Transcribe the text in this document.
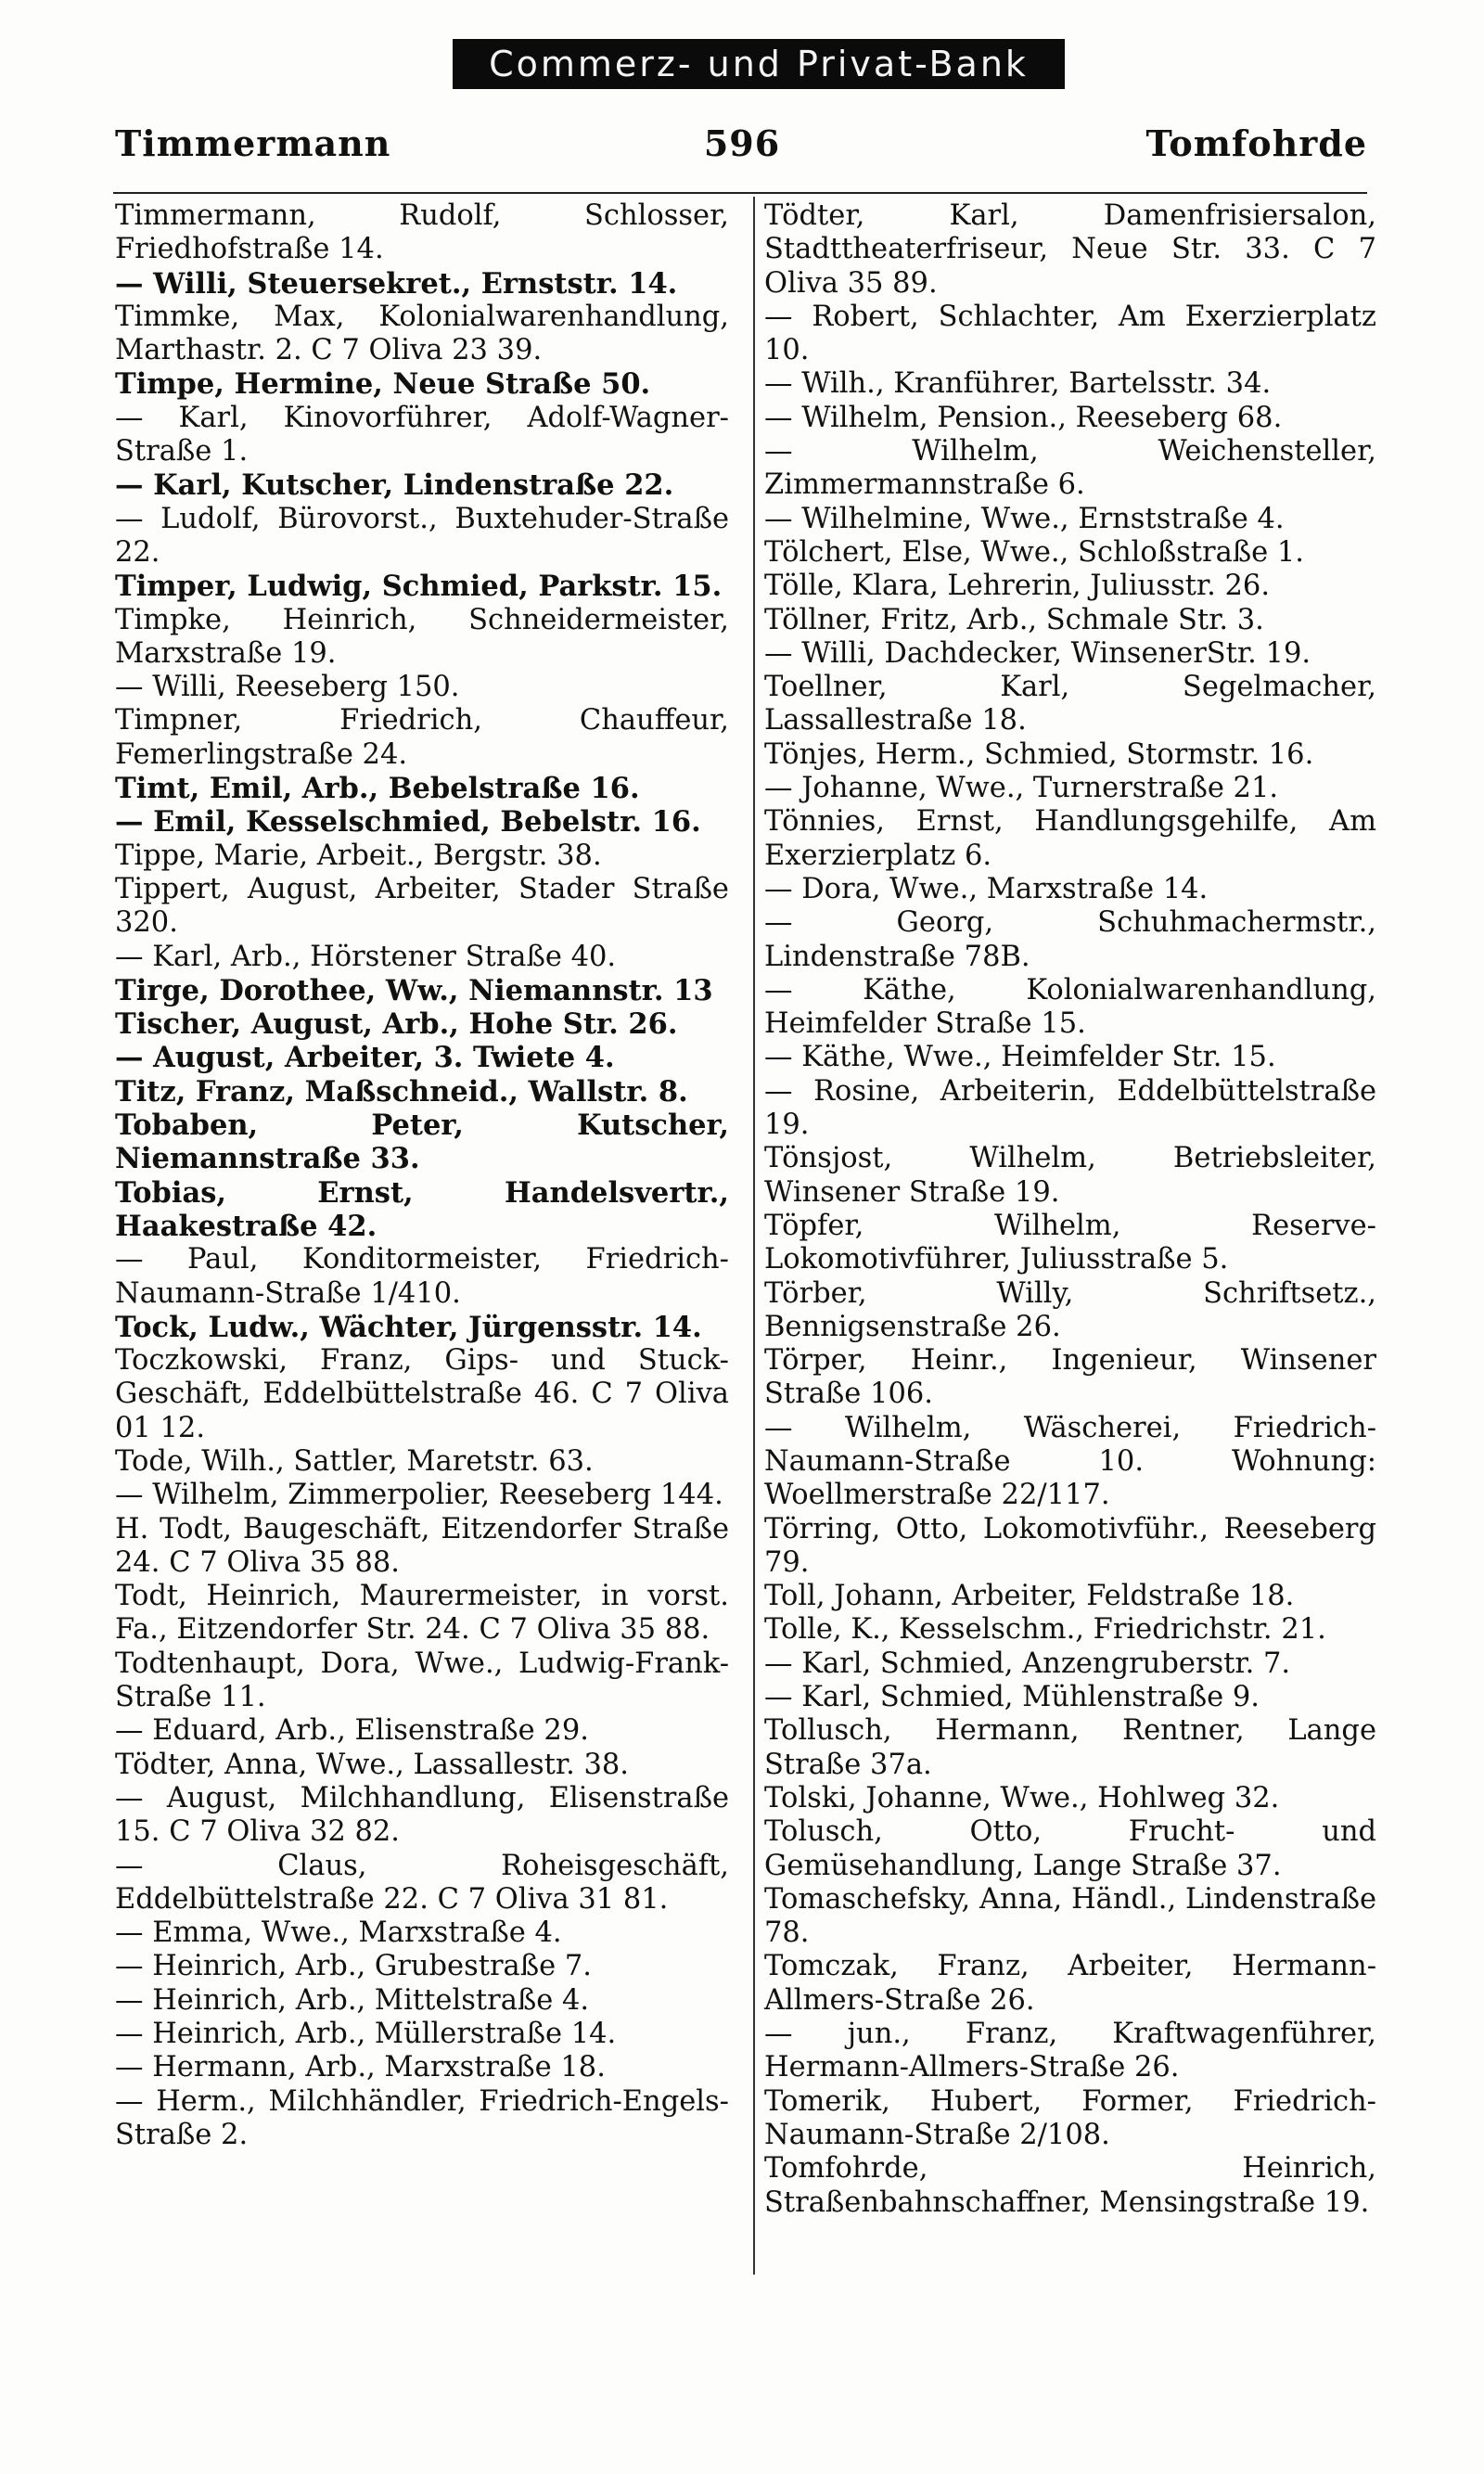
Commerz- und Privat-Bank
Timmermann	596	Tomfohrde
Timmermann, Rudolf, Schlosser, Friedhofstraße 14.
— Willi, Steuersekret., Ernststr. 14.
Timmke, Max, Kolonialwarenhandlung, Marthastr. 2. C 7 Oliva 23 39.
Timpe, Hermine, Neue Straße 50.
— Karl, Kinovorführer, Adolf-Wagner-Straße 1.
— Karl, Kutscher, Lindenstraße 22.
— Ludolf, Bürovorst., Buxtehuder-Straße 22.
Timper, Ludwig, Schmied, Parkstr. 15.
Timpke, Heinrich, Schneidermeister, Marxstraße 19.
— Willi, Reeseberg 150.
Timpner, Friedrich, Chauffeur, Femerlingstraße 24.
Timt, Emil, Arb., Bebelstraße 16.
— Emil, Kesselschmied, Bebelstr. 16.
Tippe, Marie, Arbeit., Bergstr. 38.
Tippert, August, Arbeiter, Stader Straße 320.
— Karl, Arb., Hörstener Straße 40.
Tirge, Dorothee, Ww., Niemannstr. 13
Tischer, August, Arb., Hohe Str. 26.
— August, Arbeiter, 3. Twiete 4.
Titz, Franz, Maßschneid., Wallstr. 8.
Tobaben, Peter, Kutscher, Niemannstraße 33.
Tobias, Ernst, Handelsvertr., Haakestraße 42.
— Paul, Konditormeister, Friedrich-Naumann-Straße 1/410.
Tock, Ludw., Wächter, Jürgensstr. 14.
Toczkowski, Franz, Gips- und Stuck-Geschäft, Eddelbüttelstraße 46. C 7 Oliva 01 12.
Tode, Wilh., Sattler, Maretstr. 63.
— Wilhelm, Zimmerpolier, Reeseberg 144.
H. Todt, Baugeschäft, Eitzendorfer Straße 24. C 7 Oliva 35 88.
Todt, Heinrich, Maurermeister, in vorst. Fa., Eitzendorfer Str. 24. C 7 Oliva 35 88.
Todtenhaupt, Dora, Wwe., Ludwig-Frank-Straße 11.
— Eduard, Arb., Elisenstraße 29.
Tödter, Anna, Wwe., Lassallestr. 38.
— August, Milchhandlung, Elisenstraße 15. C 7 Oliva 32 82.
— Claus, Roheisgeschäft, Eddelbüttelstraße 22. C 7 Oliva 31 81.
— Emma, Wwe., Marxstraße 4.
— Heinrich, Arb., Grubestraße 7.
— Heinrich, Arb., Mittelstraße 4.
— Heinrich, Arb., Müllerstraße 14.
— Hermann, Arb., Marxstraße 18.
— Herm., Milchhändler, Friedrich-Engels-Straße 2.
Tödter, Karl, Damenfrisiersalon, Stadttheaterfriseur, Neue Str. 33. C 7 Oliva 35 89.
— Robert, Schlachter, Am Exerzierplatz 10.
— Wilh., Kranführer, Bartelsstr. 34.
— Wilhelm, Pension., Reeseberg 68.
— Wilhelm, Weichensteller, Zimmermannstraße 6.
— Wilhelmine, Wwe., Ernststraße 4.
Tölchert, Else, Wwe., Schloßstraße 1.
Tölle, Klara, Lehrerin, Juliusstr. 26.
Töllner, Fritz, Arb., Schmale Str. 3.
— Willi, Dachdecker, WinsenerStr. 19.
Toellner, Karl, Segelmacher, Lassallestraße 18.
Tönjes, Herm., Schmied, Stormstr. 16.
— Johanne, Wwe., Turnerstraße 21.
Tönnies, Ernst, Handlungsgehilfe, Am Exerzierplatz 6.
— Dora, Wwe., Marxstraße 14.
— Georg, Schuhmachermstr., Lindenstraße 78B.
— Käthe, Kolonialwarenhandlung, Heimfelder Straße 15.
— Käthe, Wwe., Heimfelder Str. 15.
— Rosine, Arbeiterin, Eddelbüttelstraße 19.
Tönsjost, Wilhelm, Betriebsleiter, Winsener Straße 19.
Töpfer, Wilhelm, Reserve-Lokomotivführer, Juliusstraße 5.
Törber, Willy, Schriftsetz., Bennigsenstraße 26.
Törper, Heinr., Ingenieur, Winsener Straße 106.
— Wilhelm, Wäscherei, Friedrich-Naumann-Straße 10. Wohnung: Woellmerstraße 22/117.
Törring, Otto, Lokomotivführ., Reeseberg 79.
Toll, Johann, Arbeiter, Feldstraße 18.
Tolle, K., Kesselschm., Friedrichstr. 21.
— Karl, Schmied, Anzengruberstr. 7.
— Karl, Schmied, Mühlenstraße 9.
Tollusch, Hermann, Rentner, Lange Straße 37a.
Tolski, Johanne, Wwe., Hohlweg 32.
Tolusch, Otto, Frucht- und Gemüsehandlung, Lange Straße 37.
Tomaschefsky, Anna, Händl., Lindenstraße 78.
Tomczak, Franz, Arbeiter, Hermann-Allmers-Straße 26.
— jun., Franz, Kraftwagenführer, Hermann-Allmers-Straße 26.
Tomerik, Hubert, Former, Friedrich-Naumann-Straße 2/108.
Tomfohrde, Heinrich, Straßenbahnschaffner, Mensingstraße 19.
